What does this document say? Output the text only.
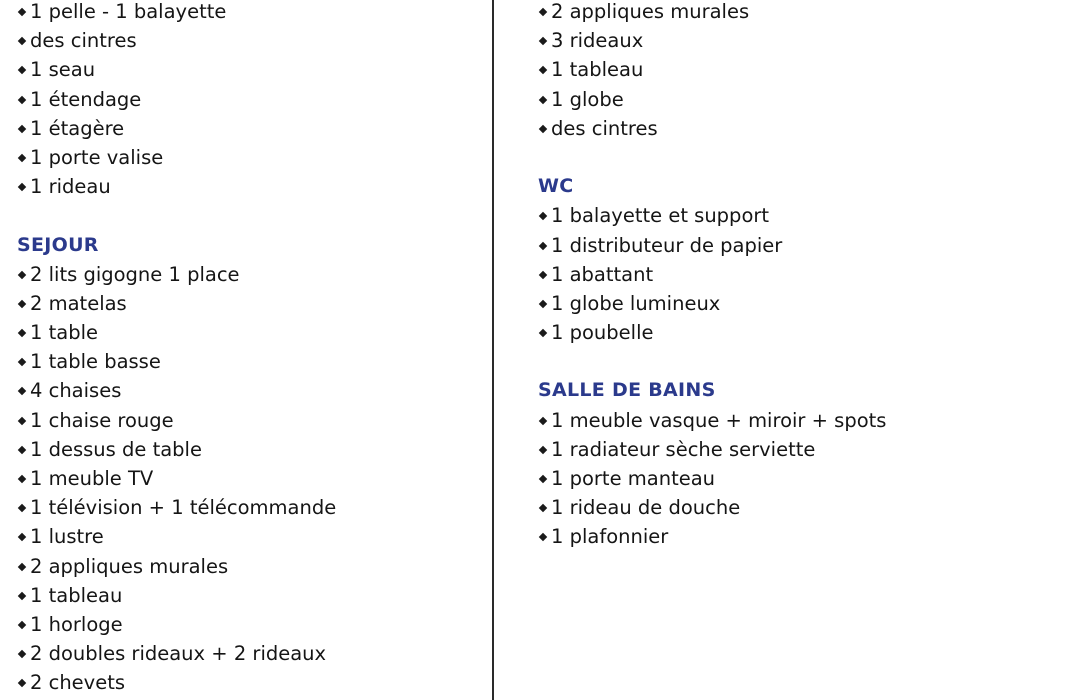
1 pelle - 1 balayette
des cintres
1 seau
1 étendage
1 étagère
1 porte valise
1 rideau
SEJOUR
2 lits gigogne 1 place
2 matelas
1 table
1 table basse
4 chaises
1 chaise rouge
1 dessus de table
1 meuble TV
1 télévision + 1 télécommande
1 lustre
2 appliques murales
1 tableau
1 horloge
2 doubles rideaux + 2 rideaux
2 chevets
2 appliques murales
3 rideaux
1 tableau
1 globe
des cintres
WC
1 balayette et support
1 distributeur de papier
1 abattant
1 globe lumineux
1 poubelle
SALLE DE BAINS
1 meuble vasque + miroir + spots
1 radiateur sèche serviette
1 porte manteau
1 rideau de douche
1 plafonnier
